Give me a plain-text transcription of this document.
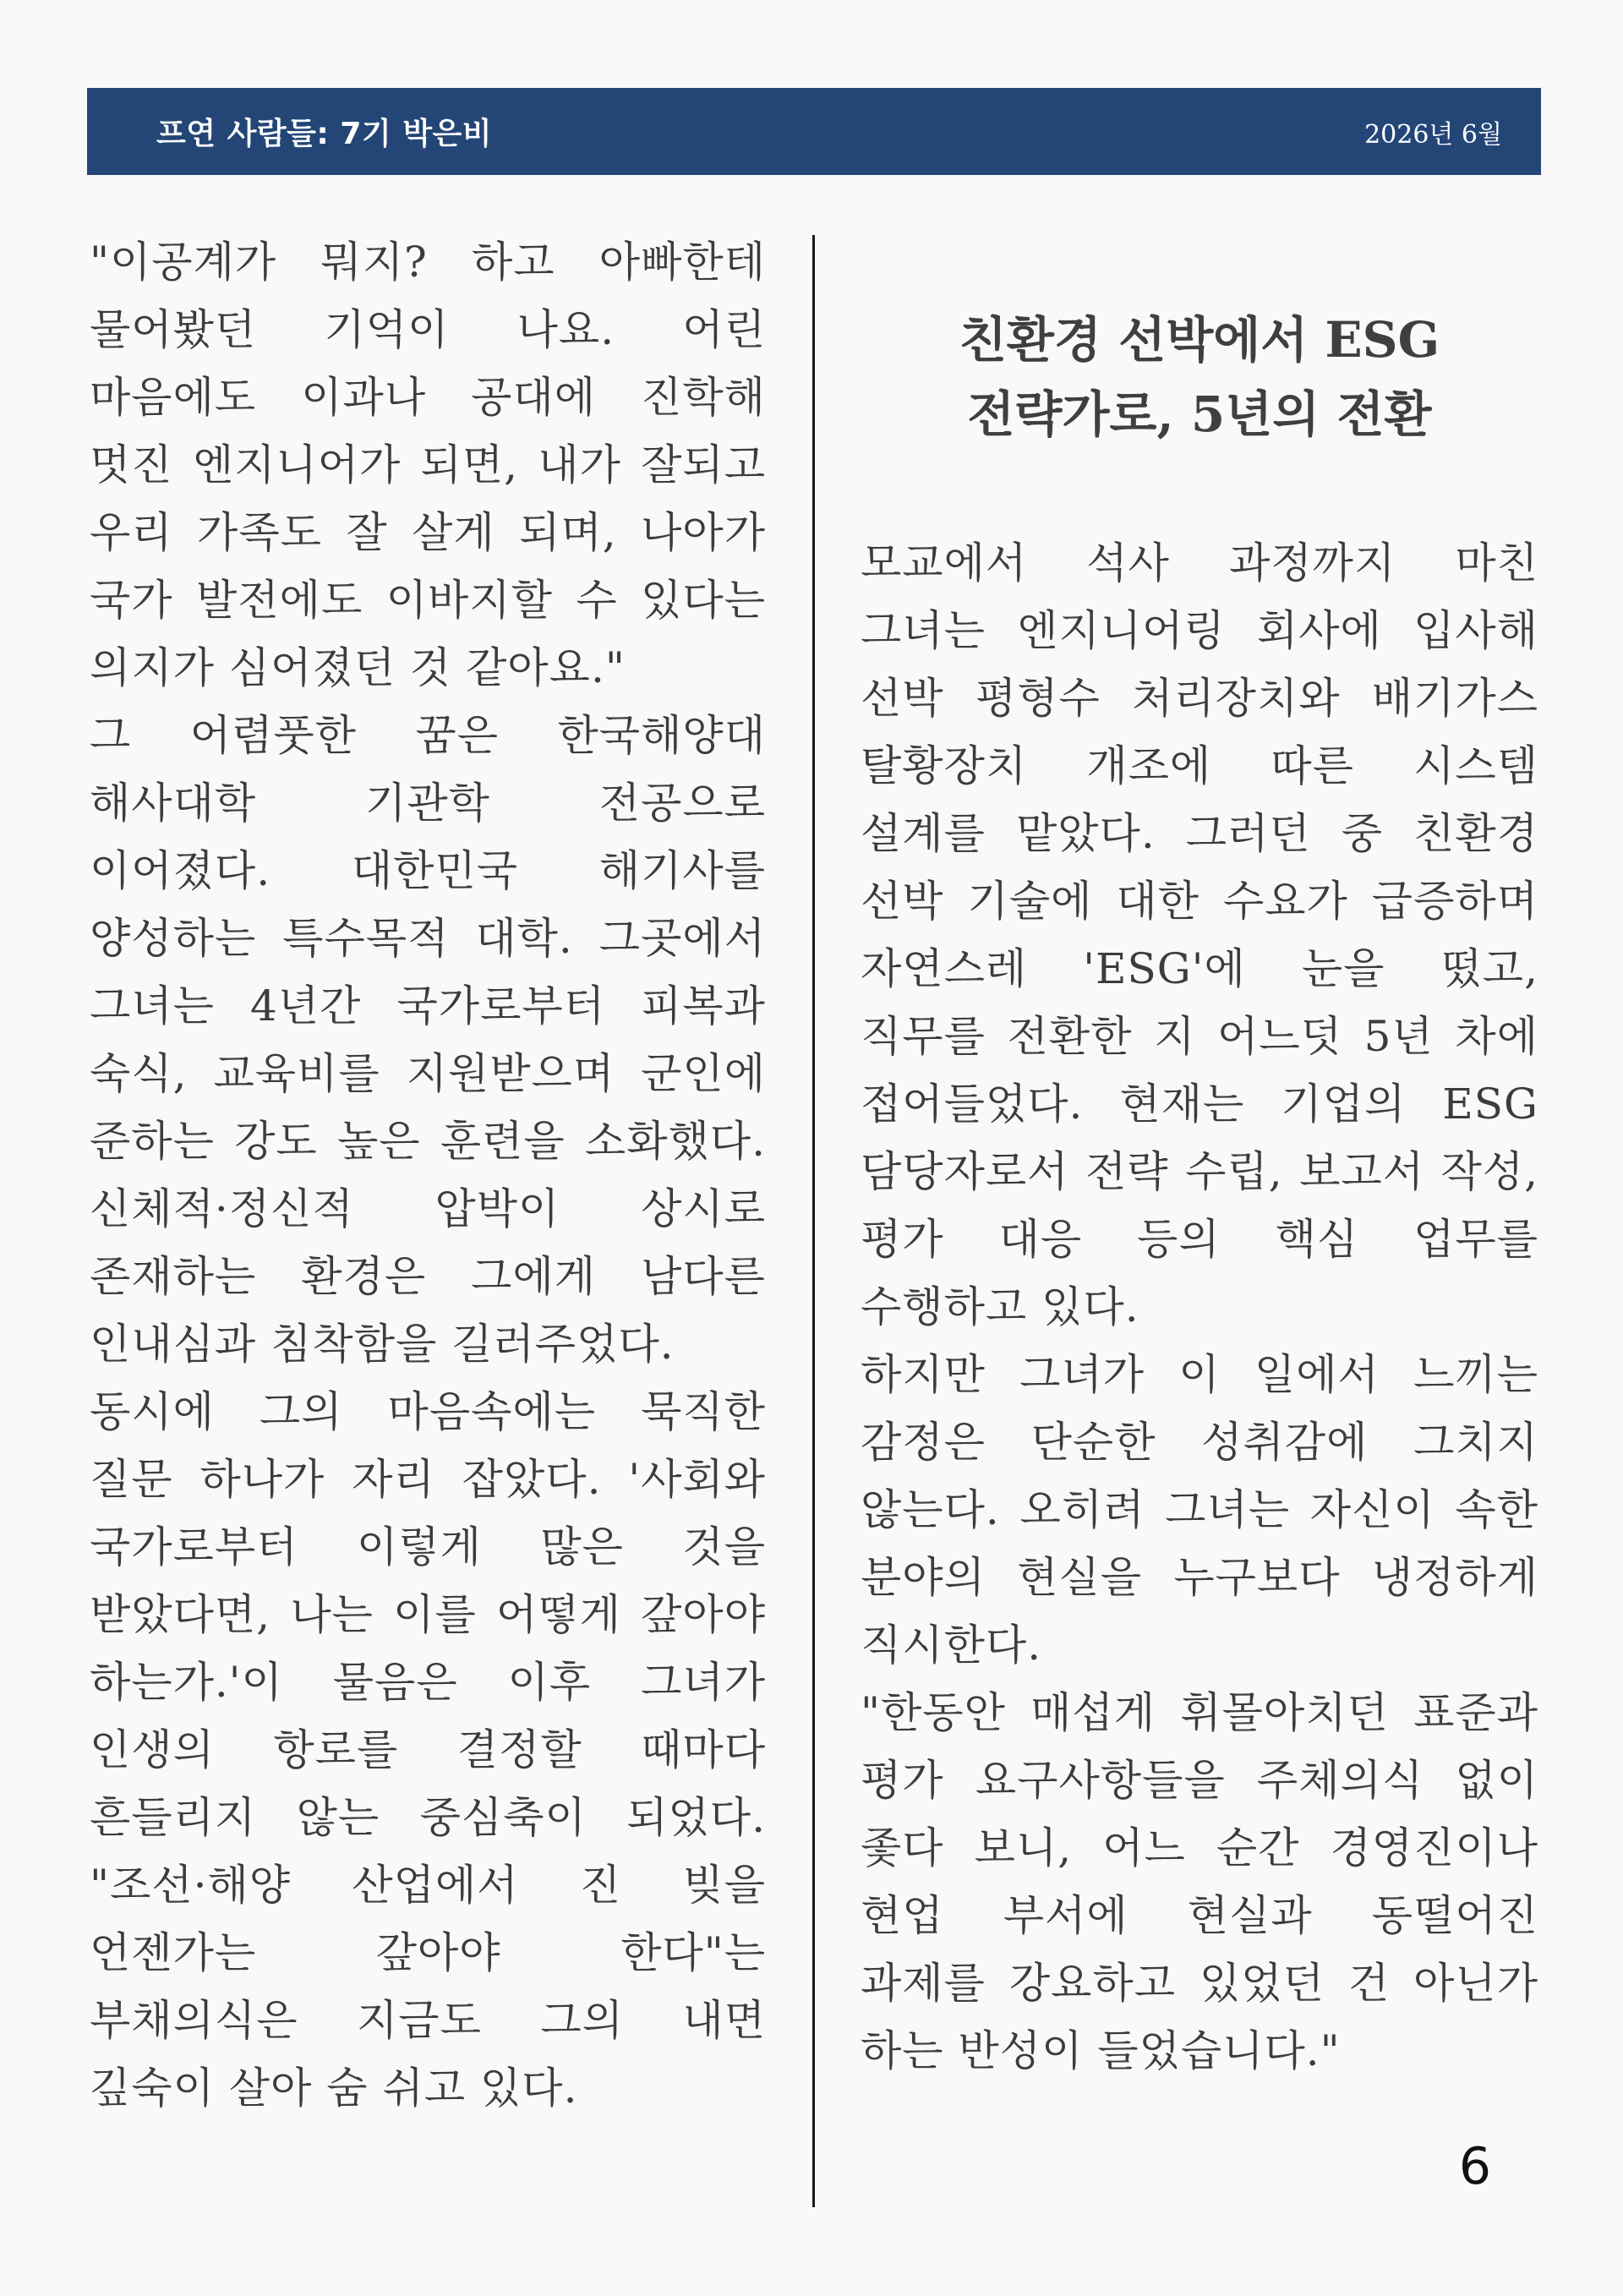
프연 사람들: 7기 박은비	2026년 6월

"이공계가 뭐지? 하고 아빠한테 물어봤던 기억이 나요. 어린 마음에도 이과나 공대에 진학해 멋진 엔지니어가 되면, 내가 잘되고 우리 가족도 잘 살게 되며, 나아가 국가 발전에도 이바지할 수 있다는 의지가 심어졌던 것 같아요."

그 어렴풋한 꿈은 한국해양대 해사대학 기관학 전공으로 이어졌다. 대한민국 해기사를 양성하는 특수목적 대학. 그곳에서 그녀는 4년간 국가로부터 피복과 숙식, 교육비를 지원받으며 군인에 준하는 강도 높은 훈련을 소화했다. 신체적·정신적 압박이 상시로 존재하는 환경은 그에게 남다른 인내심과 침착함을 길러주었다.

동시에 그의 마음속에는 묵직한 질문 하나가 자리 잡았다. '사회와 국가로부터 이렇게 많은 것을 받았다면, 나는 이를 어떻게 갚아야 하는가.'이 물음은 이후 그녀가 인생의 항로를 결정할 때마다 흔들리지 않는 중심축이 되었다. "조선·해양 산업에서 진 빚을 언젠가는 갚아야 한다"는 부채의식은 지금도 그의 내면 깊숙이 살아 숨 쉬고 있다.

친환경 선박에서 ESG 전략가로, 5년의 전환

모교에서 석사 과정까지 마친 그녀는 엔지니어링 회사에 입사해 선박 평형수 처리장치와 배기가스 탈황장치 개조에 따른 시스템 설계를 맡았다. 그러던 중 친환경 선박 기술에 대한 수요가 급증하며 자연스레 'ESG'에 눈을 떴고, 직무를 전환한 지 어느덧 5년 차에 접어들었다. 현재는 기업의 ESG 담당자로서 전략 수립, 보고서 작성, 평가 대응 등의 핵심 업무를 수행하고 있다.

하지만 그녀가 이 일에서 느끼는 감정은 단순한 성취감에 그치지 않는다. 오히려 그녀는 자신이 속한 분야의 현실을 누구보다 냉정하게 직시한다.

"한동안 매섭게 휘몰아치던 표준과 평가 요구사항들을 주체의식 없이 좇다 보니, 어느 순간 경영진이나 현업 부서에 현실과 동떨어진 과제를 강요하고 있었던 건 아닌가 하는 반성이 들었습니다."

6
